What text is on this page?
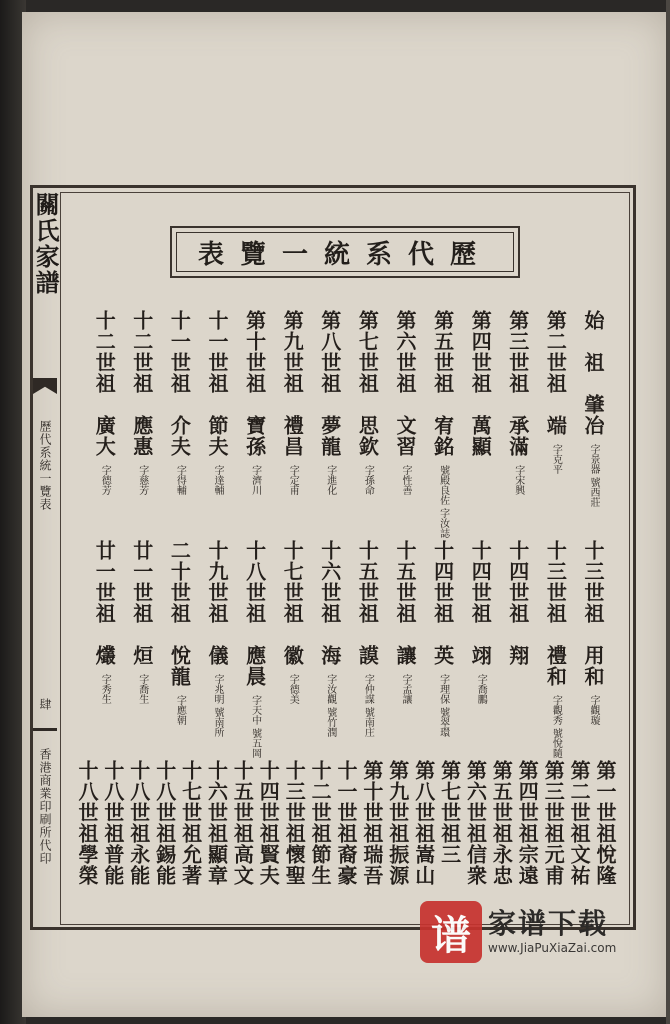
關氏家譜
歷代系統一覽表
肆
香港商業印刷所代印
歷代系統一覽表
始　祖　肇冶字景器 號西莊
第二世祖　端字克平
第三世祖　承滿字宋興
第四世祖　萬顯
第五世祖　宥銘號殿良佐 字汝誌
第六世祖　文習字性善
第七世祖　思欽字孫命
第八世祖　夢龍字進化
第九世祖　禮昌字定甫
第十世祖　寶孫字濟川
十一世祖　節夫字達輔
十一世祖　介夫字得輔
十二世祖　應惠字慈芳
十二世祖　廣大字德芳
十三世祖　用和字觀璇
十三世祖　禮和字觀秀 號悅隨
十四世祖　翔
十四世祖　翊字喬鵬
十四世祖　英字理保 號翠環
十五世祖　讓字孟讓
十五世祖　謨字仲謀 號南庄
十六世祖　海字汝觀 號竹潤
十七世祖　徽字德美
十八世祖　應晨字天中 號五岡
十九世祖　儀字兆明 號南所
二十世祖　悅龍字應朝
廿一世祖　烜字喬生
廿一世祖　爜字秀生
第一世祖悅隆
第二世祖文祐
第三世祖元甫
第四世祖宗遠
第五世祖永忠
第六世祖信衆
第七世祖三
第八世祖嵩山
第九世祖振源
第十世祖瑞吾
十一世祖裔豪
十二世祖節生
十三世祖懷聖
十四世祖賢夫
十五世祖高文
十六世祖顯章
十七世祖允著
十八世祖錫能
十八世祖永能
十八世祖普能
十八世祖學榮
谱 家谱下载
www.JiaPuXiaZai.com
